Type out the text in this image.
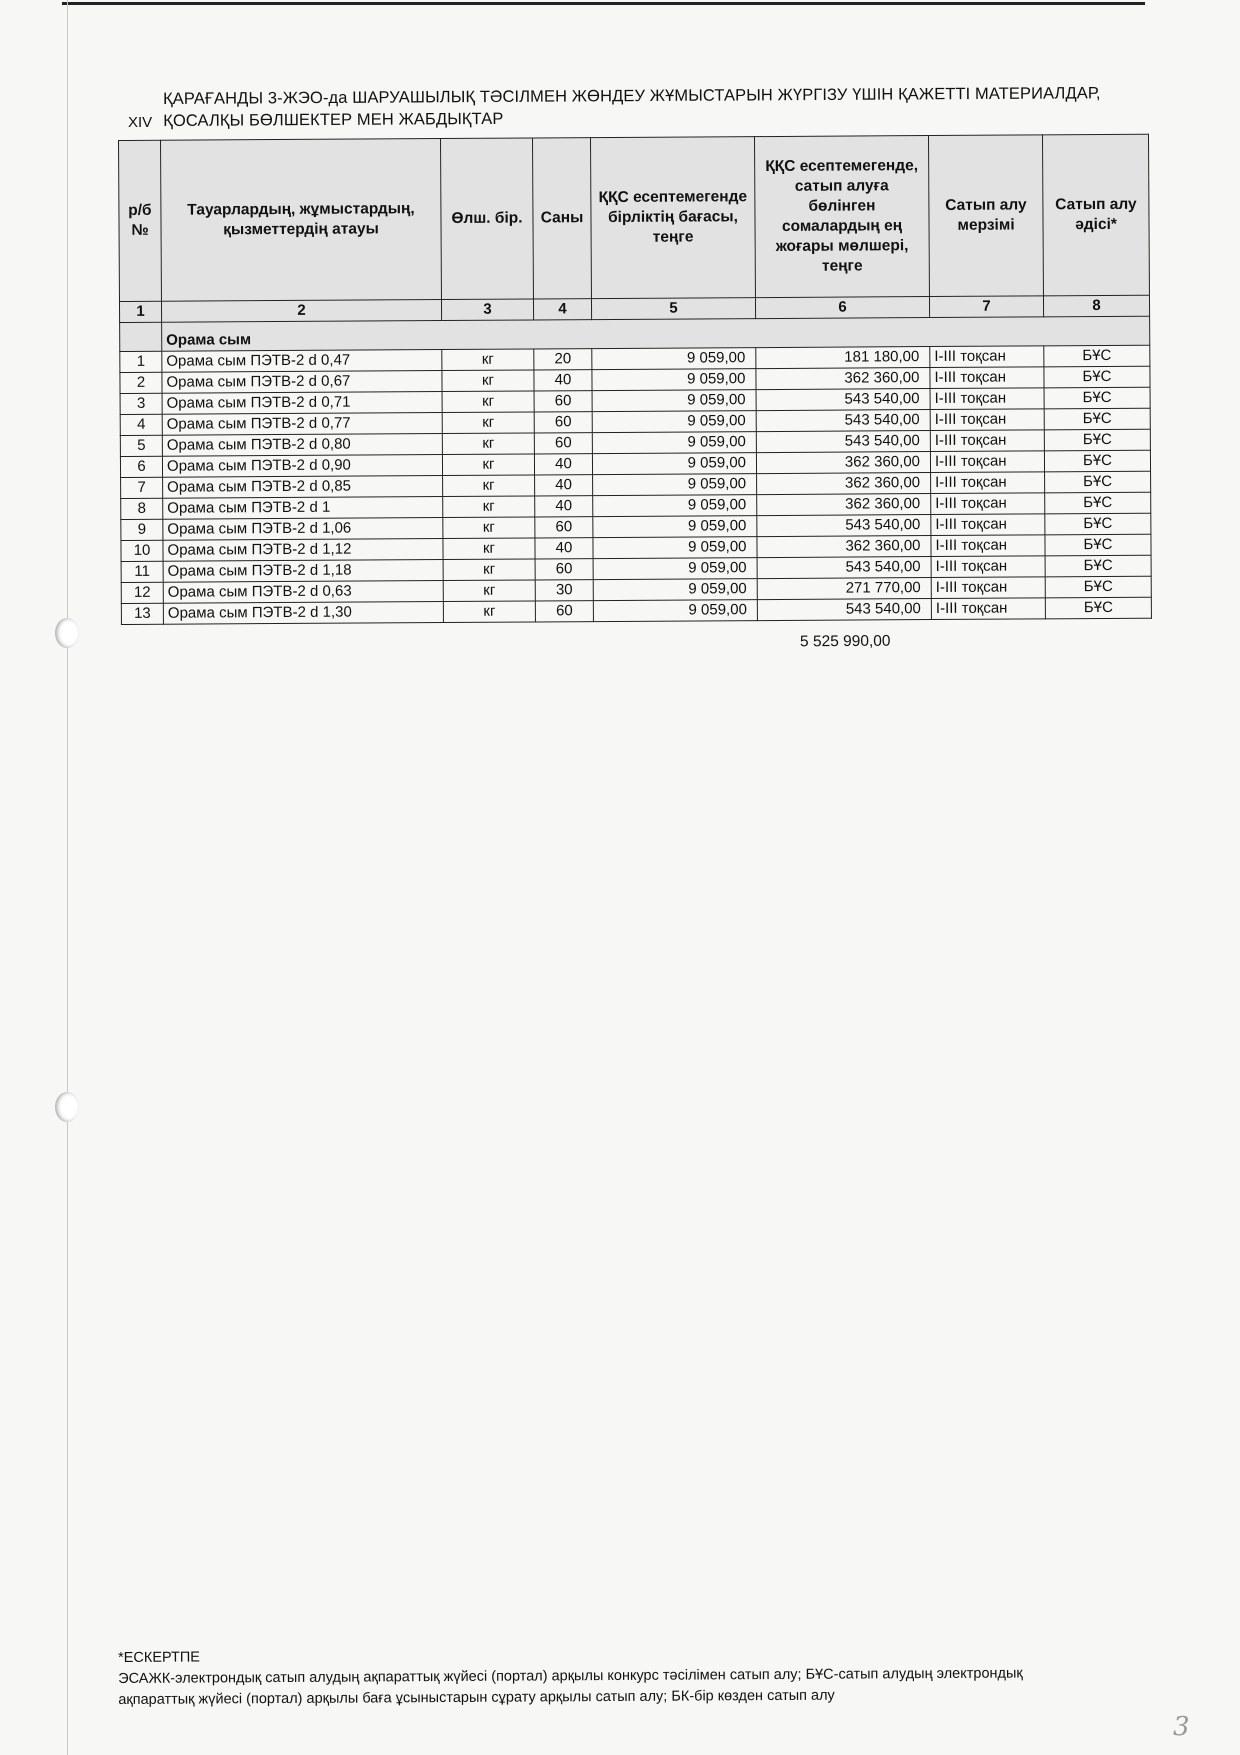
XIV
ҚАРАҒАНДЫ 3-ЖЭО-да ШАРУАШЫЛЫҚ ТӘСІЛМЕН ЖӨНДЕУ ЖҰМЫСТАРЫН ЖҮРГІЗУ ҮШІН ҚАЖЕТТІ МАТЕРИАЛДАР,
ҚОСАЛҚЫ БӨЛШЕКТЕР МЕН ЖАБДЫҚТАР
р/б №	Тауарлардың, жұмыстардың, қызметтердің атауы	Өлш. бір.	Саны	ҚҚС есептемегенде бірліктің бағасы, теңге	ҚҚС есептемегенде, сатып алуға бөлінген сомалардың ең жоғары мөлшері, теңге	Сатып алу мерзімі	Сатып алу әдісі*
1	2	3	4	5	6	7	8
	Орама сым						
1	Орама сым ПЭТВ-2 d 0,47	кг	20	9 059,00	181 180,00	I-III тоқсан	БҰС
2	Орама сым ПЭТВ-2 d 0,67	кг	40	9 059,00	362 360,00	I-III тоқсан	БҰС
3	Орама сым ПЭТВ-2 d 0,71	кг	60	9 059,00	543 540,00	I-III тоқсан	БҰС
4	Орама сым ПЭТВ-2 d 0,77	кг	60	9 059,00	543 540,00	I-III тоқсан	БҰС
5	Орама сым ПЭТВ-2 d 0,80	кг	60	9 059,00	543 540,00	I-III тоқсан	БҰС
6	Орама сым ПЭТВ-2 d 0,90	кг	40	9 059,00	362 360,00	I-III тоқсан	БҰС
7	Орама сым ПЭТВ-2 d 0,85	кг	40	9 059,00	362 360,00	I-III тоқсан	БҰС
8	Орама сым ПЭТВ-2 d 1	кг	40	9 059,00	362 360,00	I-III тоқсан	БҰС
9	Орама сым ПЭТВ-2 d 1,06	кг	60	9 059,00	543 540,00	I-III тоқсан	БҰС
10	Орама сым ПЭТВ-2 d 1,12	кг	40	9 059,00	362 360,00	I-III тоқсан	БҰС
11	Орама сым ПЭТВ-2 d 1,18	кг	60	9 059,00	543 540,00	I-III тоқсан	БҰС
12	Орама сым ПЭТВ-2 d 0,63	кг	30	9 059,00	271 770,00	I-III тоқсан	БҰС
13	Орама сым ПЭТВ-2 d 1,30	кг	60	9 059,00	543 540,00	I-III тоқсан	БҰС
5 525 990,00
*ЕСКЕРТПЕ
ЭСАЖК-электрондық сатып алудың ақпараттық жүйесі (портал) арқылы конкурс тәсілімен сатып алу; БҰС-сатып алудың электрондық
ақпараттық жүйесі (портал) арқылы баға ұсыныстарын сұрату арқылы сатып алу; БК-бір көзден сатып алу
3
